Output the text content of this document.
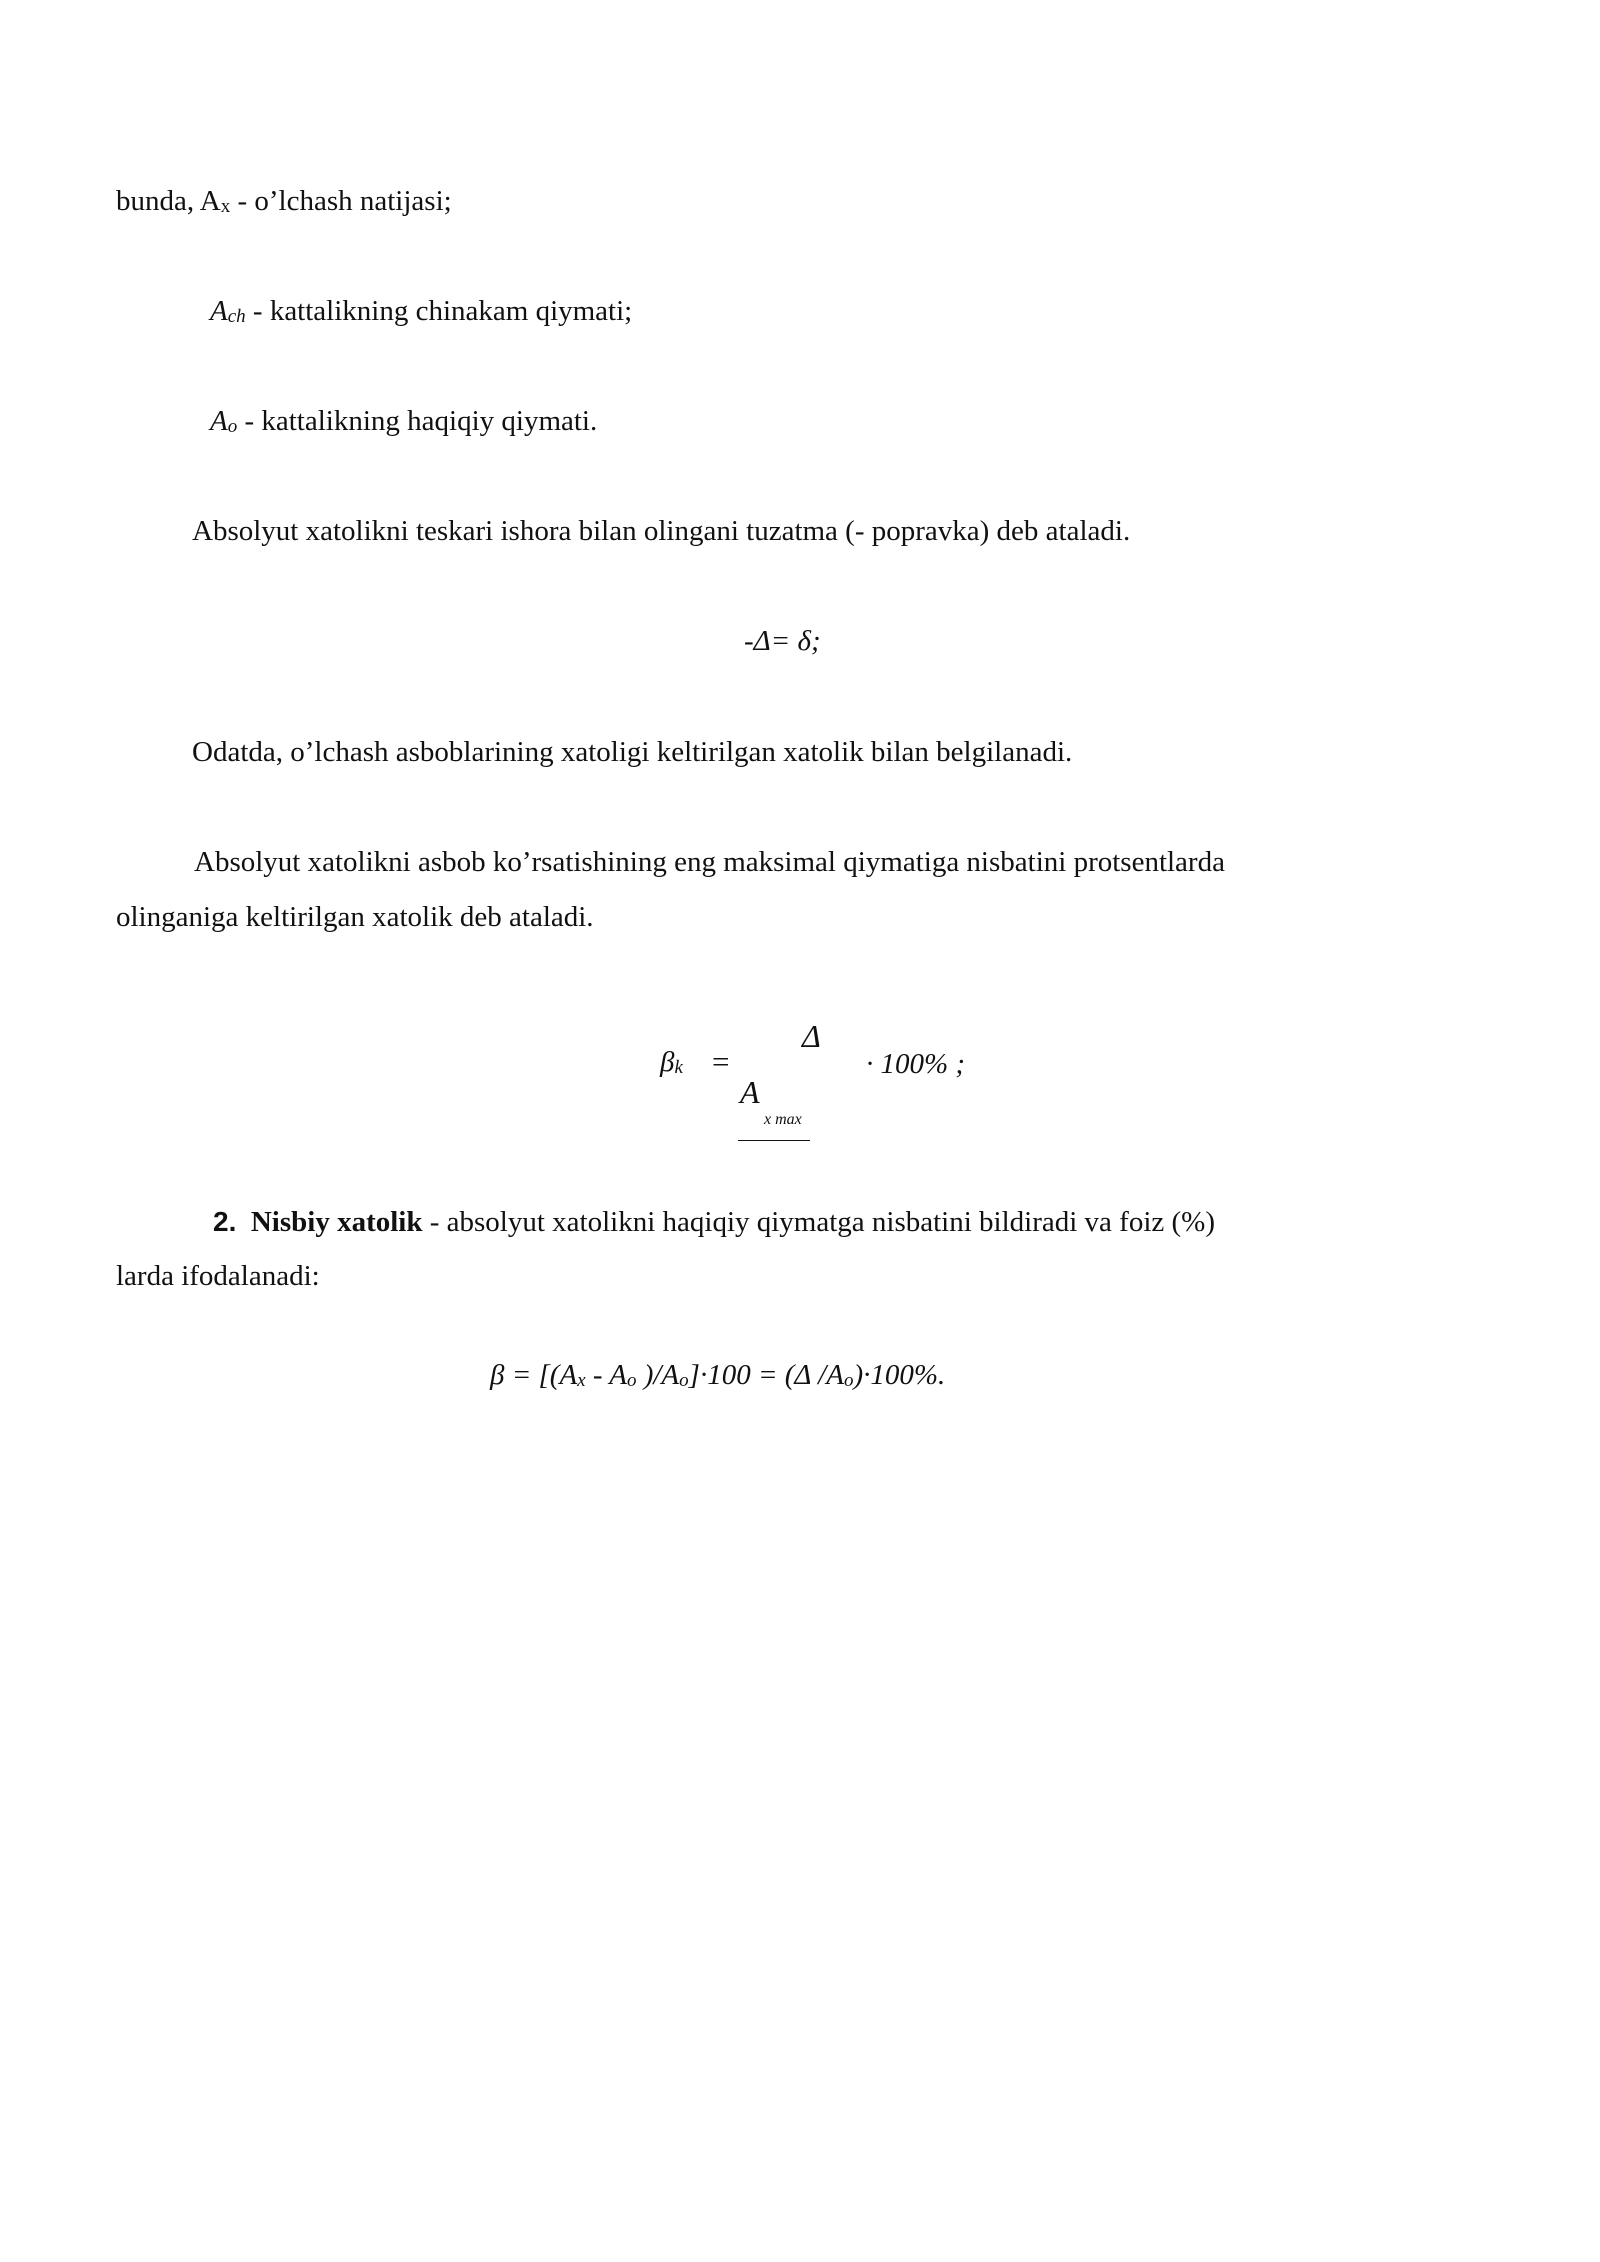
bunda, Ax - o’lchash natijasi;
Ach - kattalikning chinakam qiymati;
Ao - kattalikning haqiqiy qiymati.
Absolyut xatolikni teskari ishora bilan olingani tuzatma (- popravka) deb ataladi.
-Δ= δ;
Odatda, o’lchash asboblarining xatoligi keltirilgan xatolik bilan belgilanadi.
Absolyut xatolikni asbob ko’rsatishining eng maksimal qiymatiga nisbatini protsentlarda
olinganiga keltirilgan xatolik deb ataladi.
βk =
Δ
A
x max
· 100% ;
2. Nisbiy xatolik - absolyut xatolikni haqiqiy qiymatga nisbatini bildiradi va foiz (%)
larda ifodalanadi:
β = [(Ax - Ao )/Ao]·100 = (Δ /Ao)·100%.
